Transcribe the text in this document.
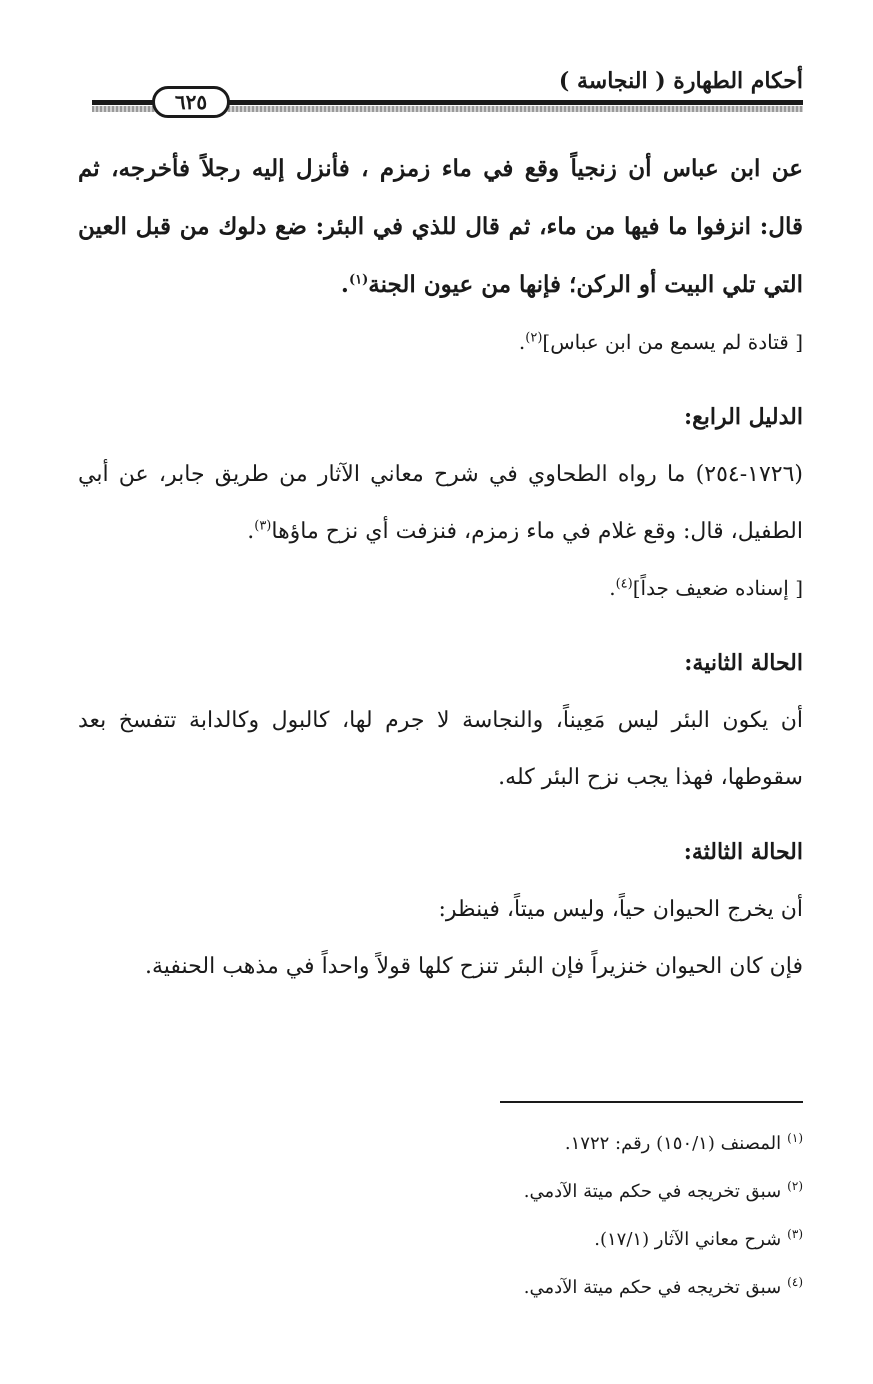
أحكام الطهارة ( النجاسة )
٦٢٥

عن ابن عباس أن زنجياً وقع في ماء زمزم ، فأنزل إليه رجلاً فأخرجه، ثم قال: انزفوا ما فيها من ماء، ثم قال للذي في البئر: ضع دلوك من قبل العين التي تلي البيت أو الركن؛ فإنها من عيون الجنة$^{(١)}$.

[ قتادة لم يسمع من ابن عباس]$^{(٢)}$.

الدليل الرابع:

(١٧٢٦-٢٥٤) ما رواه الطحاوي في شرح معاني الآثار من طريق جابر، عن أبي الطفيل، قال: وقع غلام في ماء زمزم، فنزفت أي نزح ماؤها$^{(٣)}$.

[ إسناده ضعيف جداً]$^{(٤)}$.

الحالة الثانية:

أن يكون البئر ليس مَعِيناً، والنجاسة لا جرم لها، كالبول وكالدابة تتفسخ بعد سقوطها، فهذا يجب نزح البئر كله.

الحالة الثالثة:

أن يخرج الحيوان حياً، وليس ميتاً، فينظر:

فإن كان الحيوان خنزيراً فإن البئر تنزح كلها قولاً واحداً في مذهب الحنفية.

$^{(١)}$المصنف (١٥٠/١) رقم: ١٧٢٢.

$^{(٢)}$سبق تخريجه في حكم ميتة الآدمي.

$^{(٣)}$شرح معاني الآثار (١٧/١).

$^{(٤)}$سبق تخريجه في حكم ميتة الآدمي.
